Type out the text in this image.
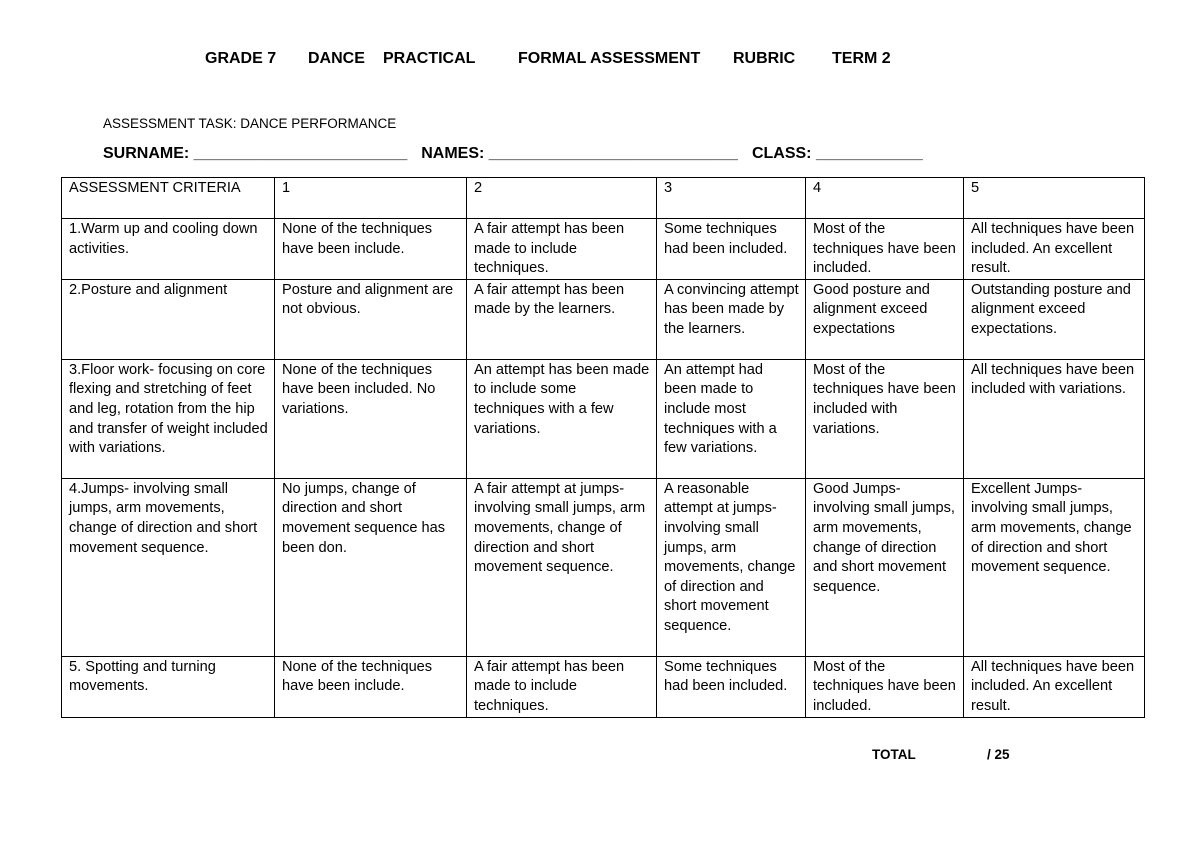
GRADE 7 DANCE PRACTICAL	FORMAL ASSESSMENT RUBRIC TERM 2
ASSESSMENT TASK: DANCE PERFORMANCE
SURNAME: ________________________ NAMES: ____________________________ CLASS: ____________
ASSESSMENT CRITERIA	1	2	3	4	5
1.Warm up and cooling down activities.	None of the techniques have been include.	A fair attempt has been made to include techniques.	Some techniques had been included.	Most of the techniques have been included.	All techniques have been included. An excellent result.
2.Posture and alignment	Posture and alignment are not obvious.	A fair attempt has been made by the learners.	A convincing attempt has been made by the learners.	Good posture and alignment exceed expectations	Outstanding posture and alignment exceed expectations.
3.Floor work- focusing on core flexing and stretching of feet and leg, rotation from the hip and transfer of weight included with variations.	None of the techniques have been included. No variations.	An attempt has been made to include some techniques with a few variations.	An attempt had been made to include most techniques with a few variations.	Most of the techniques have been included with variations.	All techniques have been included with variations.
4.Jumps- involving small jumps, arm movements, change of direction and short movement sequence.	No jumps, change of direction and short movement sequence has been don.	A fair attempt at jumps- involving small jumps, arm movements, change of direction and short movement sequence.	A reasonable attempt at jumps- involving small jumps, arm movements, change of direction and short movement sequence.	Good Jumps- involving small jumps, arm movements, change of direction and short movement sequence.	Excellent Jumps- involving small jumps, arm movements, change of direction and short movement sequence.
5. Spotting and turning movements.	None of the techniques have been include.	A fair attempt has been made to include techniques.	Some techniques had been included.	Most of the techniques have been included.	All techniques have been included. An excellent result.
TOTAL	/ 25
